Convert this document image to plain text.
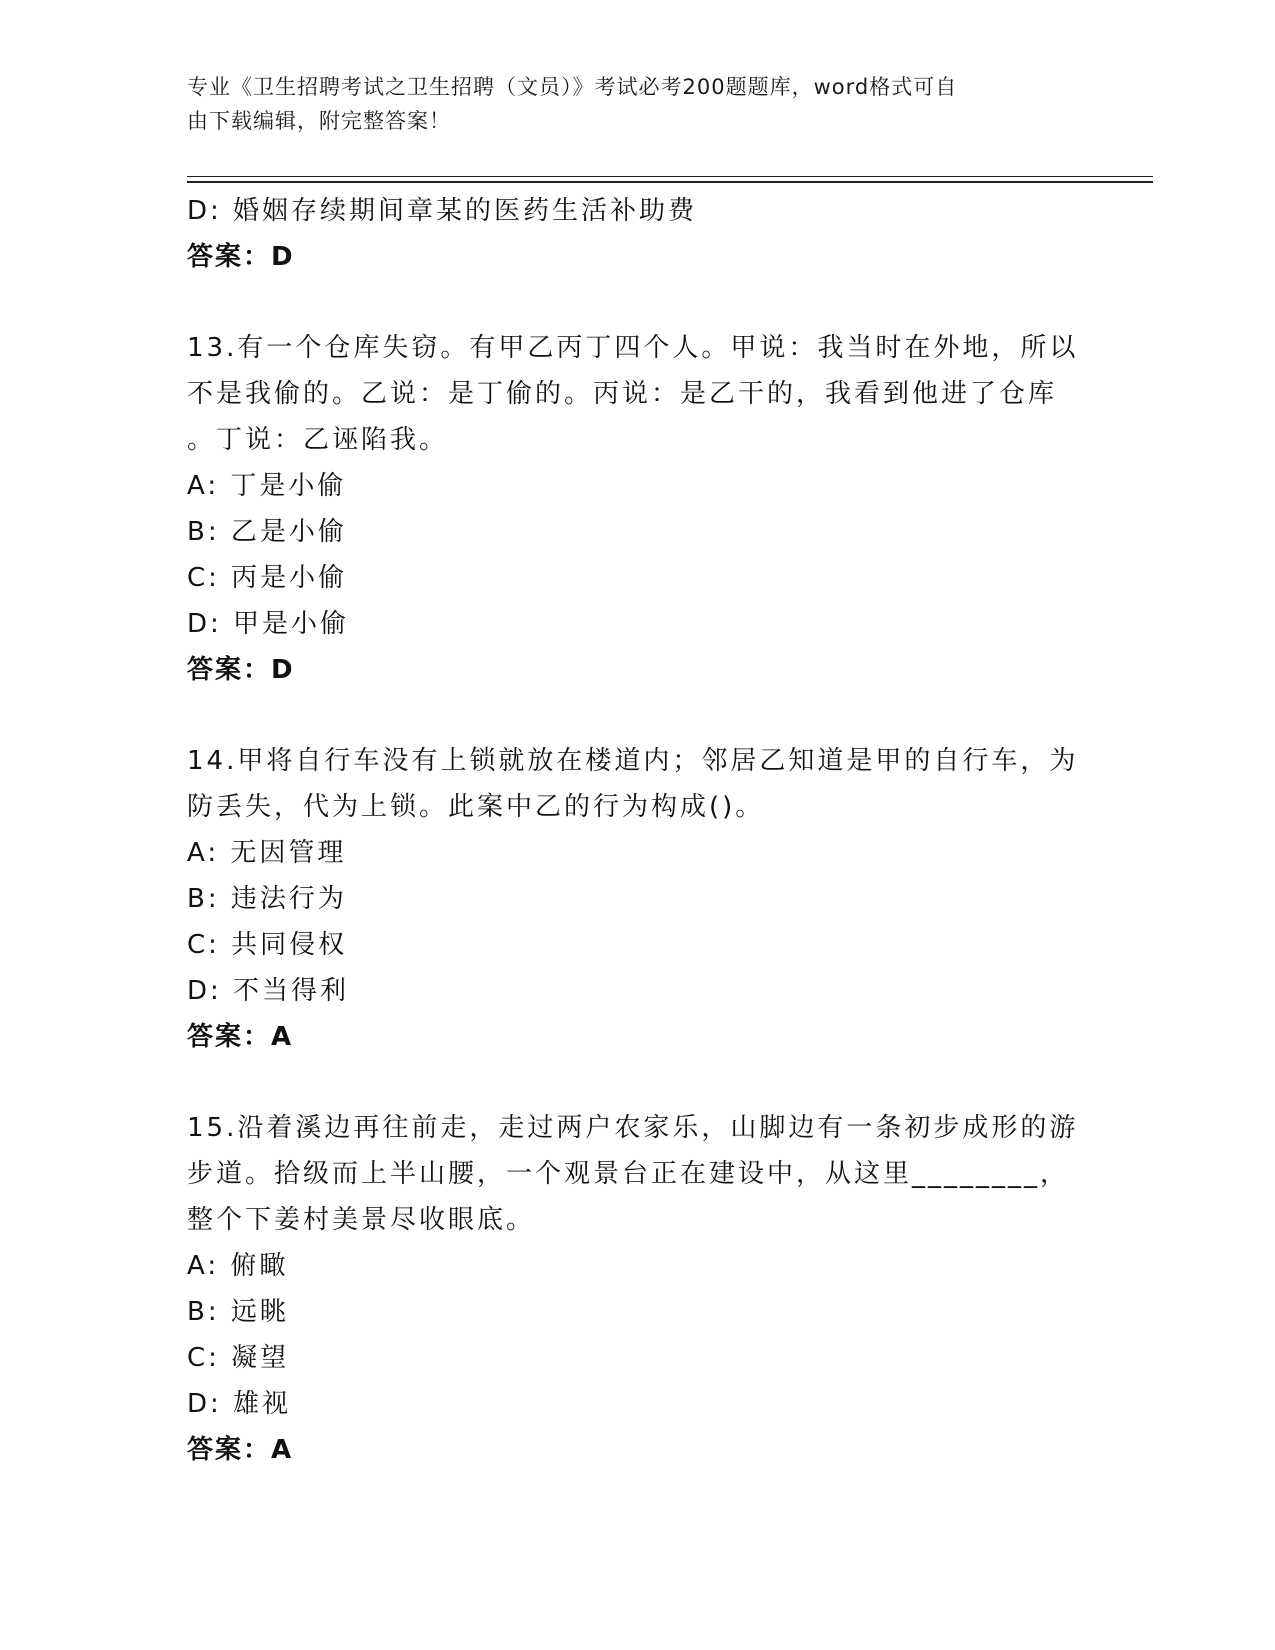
专业《卫生招聘考试之卫生招聘（文员）》考试必考200题题库，word格式可自
由下载编辑，附完整答案！
D: 婚姻存续期间章某的医药生活补助费
答案：D
13.有一个仓库失窃。有甲乙丙丁四个人。甲说：我当时在外地，所以
不是我偷的。乙说：是丁偷的。丙说：是乙干的，我看到他进了仓库
。丁说：乙诬陷我。
A: 丁是小偷
B: 乙是小偷
C: 丙是小偷
D: 甲是小偷
答案：D
14.甲将自行车没有上锁就放在楼道内；邻居乙知道是甲的自行车，为
防丢失，代为上锁。此案中乙的行为构成()。
A: 无因管理
B: 违法行为
C: 共同侵权
D: 不当得利
答案：A
15.沿着溪边再往前走，走过两户农家乐，山脚边有一条初步成形的游
步道。拾级而上半山腰，一个观景台正在建设中，从这里________，
整个下姜村美景尽收眼底。
A: 俯瞰
B: 远眺
C: 凝望
D: 雄视
答案：A
